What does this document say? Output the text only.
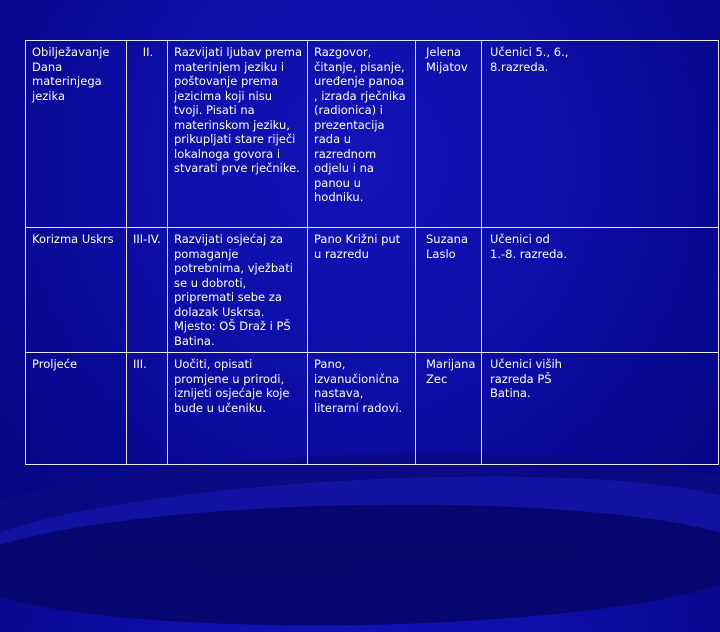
Obilježavanje Dana materinjega jezika	II.	Razvijati ljubav prema materinjem jeziku i poštovanje prema jezicima koji nisu tvoji. Pisati na materinskom jeziku, prikupljati stare riječi lokalnoga govora i stvarati prve rječnike.	Razgovor, čitanje, pisanje, uređenje panoa , izrada rječnika (radionica) i prezentacija rada u razrednom odjelu i na panou u hodniku.	Jelena Mijatov	Učenici 5., 6., 8.razreda.
Korizma Uskrs	III-IV.	Razvijati osjećaj za pomaganje potrebnima, vježbati se u dobroti, pripremati sebe za dolazak Uskrsa. Mjesto: OŠ Draž i PŠ Batina.	Pano Križni put u razredu	Suzana Laslo	Učenici od 1.-8. razreda.
Proljeće	III.	Uočiti, opisati promjene u prirodi, iznijeti osjećaje koje bude u učeniku.	Pano, izvanučionična nastava, literarni radovi.	Marijana Zec	Učenici viših razreda PŠ Batina.
